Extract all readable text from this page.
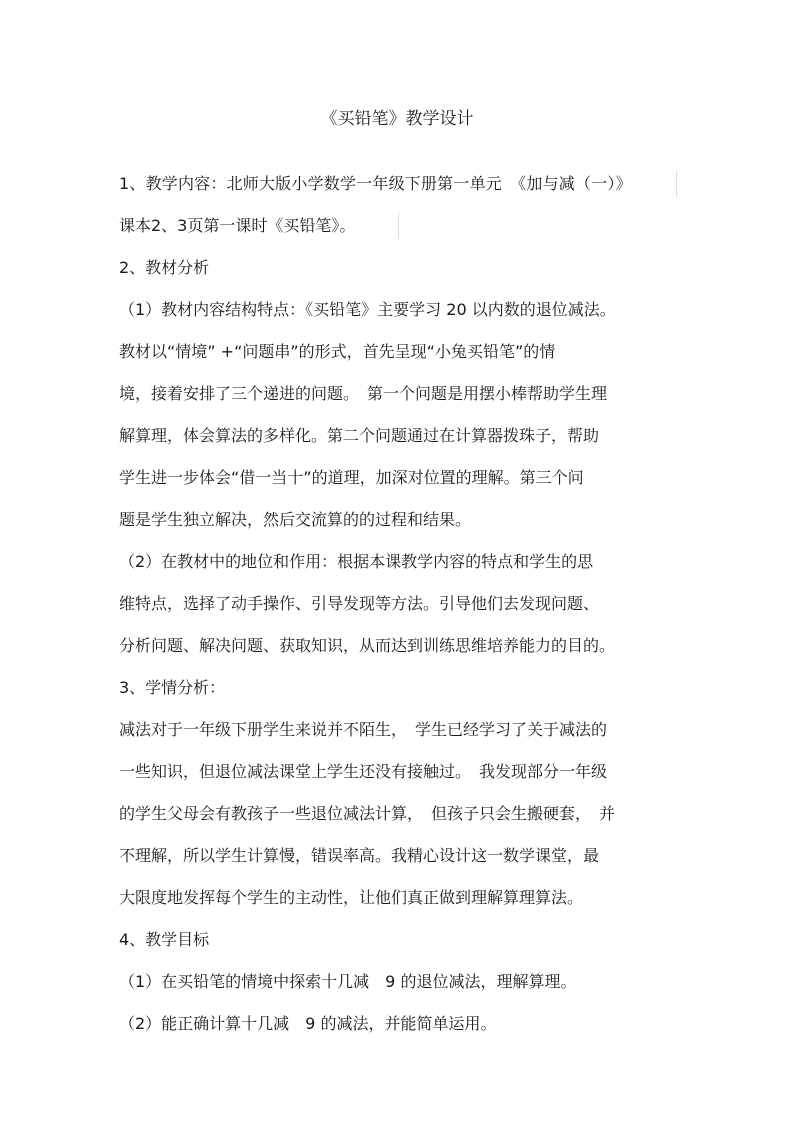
《买铅笔》教学设计
1、教学内容：北师大版小学数学一年级下册第一单元　《加与减（一）》
课本2、3页第一课时《买铅笔》。
2、教材分析
（1）教材内容结构特点：《买铅笔》主要学习 20 以内数的退位减法。
教材以“情境” +“问题串”的形式，首先呈现“小兔买铅笔”的情
境，接着安排了三个递进的问题。　第一个问题是用摆小棒帮助学生理
解算理，体会算法的多样化。第二个问题通过在计算器拨珠子，帮助
学生进一步体会“借一当十”的道理，加深对位置的理解。第三个问
题是学生独立解决，然后交流算的的过程和结果。
（2）在教材中的地位和作用：根据本课教学内容的特点和学生的思
维特点，选择了动手操作、引导发现等方法。引导他们去发现问题、
分析问题、解决问题、获取知识，从而达到训练思维培养能力的目的。
3、学情分析：
减法对于一年级下册学生来说并不陌生，　学生已经学习了关于减法的
一些知识，但退位减法课堂上学生还没有接触过。　我发现部分一年级
的学生父母会有教孩子一些退位减法计算，　但孩子只会生搬硬套，　并
不理解，所以学生计算慢，错误率高。我精心设计这一数学课堂，最
大限度地发挥每个学生的主动性，让他们真正做到理解算理算法。
4、教学目标
（1）在买铅笔的情境中探索十几减　9 的退位减法，理解算理。
（2）能正确计算十几减　9 的减法，并能简单运用。
